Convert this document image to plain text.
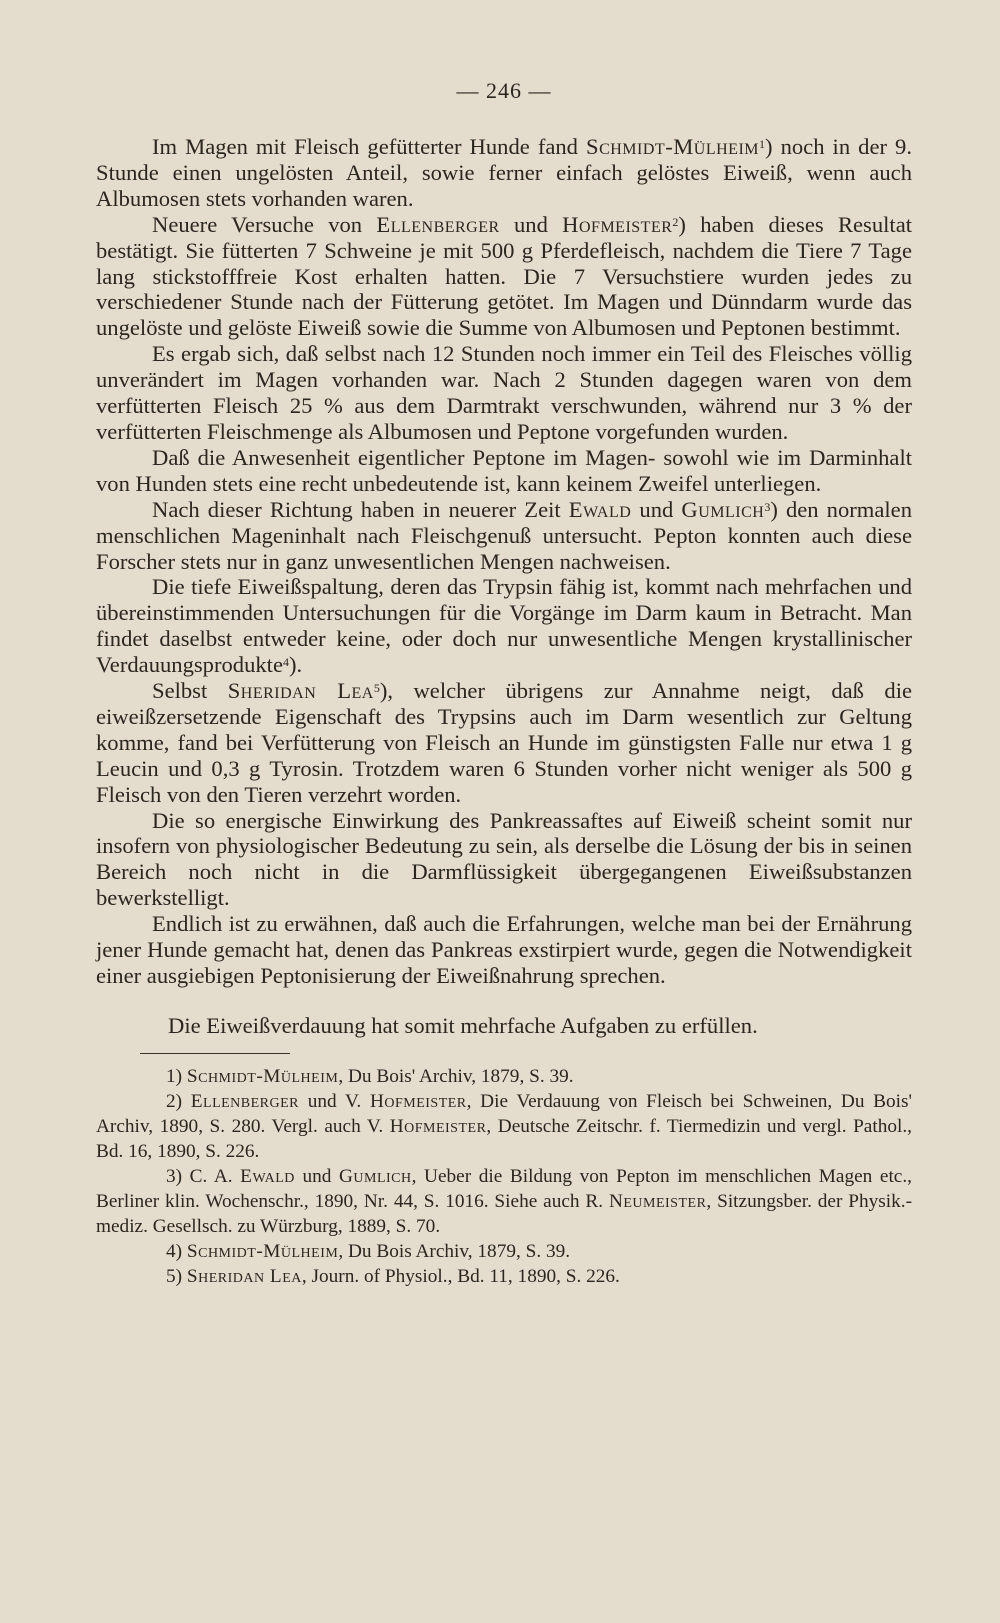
— 246 —

Im Magen mit Fleisch gefütterter Hunde fand Schmidt-Mülheim$^1$) noch in der 9. Stunde einen ungelösten Anteil, sowie ferner einfach gelöstes Eiweiß, wenn auch Albumosen stets vorhanden waren.

Neuere Versuche von Ellenberger und Hofmeister$^2$) haben dieses Resultat bestätigt. Sie fütterten 7 Schweine je mit 500 g Pferdefleisch, nachdem die Tiere 7 Tage lang stickstofffreie Kost erhalten hatten. Die 7 Versuchstiere wurden jedes zu verschiedener Stunde nach der Fütterung getötet. Im Magen und Dünndarm wurde das ungelöste und gelöste Eiweiß sowie die Summe von Albumosen und Peptonen bestimmt.

Es ergab sich, daß selbst nach 12 Stunden noch immer ein Teil des Fleisches völlig unverändert im Magen vorhanden war. Nach 2 Stunden dagegen waren von dem verfütterten Fleisch 25 % aus dem Darmtrakt verschwunden, während nur 3 % der verfütterten Fleischmenge als Albumosen und Peptone vorgefunden wurden.

Daß die Anwesenheit eigentlicher Peptone im Magen- sowohl wie im Darminhalt von Hunden stets eine recht unbedeutende ist, kann keinem Zweifel unterliegen.

Nach dieser Richtung haben in neuerer Zeit Ewald und Gumlich$^3$) den normalen menschlichen Mageninhalt nach Fleischgenuß untersucht. Pepton konnten auch diese Forscher stets nur in ganz unwesentlichen Mengen nachweisen.

Die tiefe Eiweißspaltung, deren das Trypsin fähig ist, kommt nach mehrfachen und übereinstimmenden Untersuchungen für die Vorgänge im Darm kaum in Betracht. Man findet daselbst entweder keine, oder doch nur unwesentliche Mengen krystallinischer Verdauungsprodukte$^4$).

Selbst Sheridan Lea$^5$), welcher übrigens zur Annahme neigt, daß die eiweißzersetzende Eigenschaft des Trypsins auch im Darm wesentlich zur Geltung komme, fand bei Verfütterung von Fleisch an Hunde im günstigsten Falle nur etwa 1 g Leucin und 0,3 g Tyrosin. Trotzdem waren 6 Stunden vorher nicht weniger als 500 g Fleisch von den Tieren verzehrt worden.

Die so energische Einwirkung des Pankreassaftes auf Eiweiß scheint somit nur insofern von physiologischer Bedeutung zu sein, als derselbe die Lösung der bis in seinen Bereich noch nicht in die Darmflüssigkeit übergegangenen Eiweißsubstanzen bewerkstelligt.

Endlich ist zu erwähnen, daß auch die Erfahrungen, welche man bei der Ernährung jener Hunde gemacht hat, denen das Pankreas exstirpiert wurde, gegen die Notwendigkeit einer ausgiebigen Peptonisierung der Eiweißnahrung sprechen.

Die Eiweißverdauung hat somit mehrfache Aufgaben zu erfüllen.

1) Schmidt-Mülheim, Du Bois' Archiv, 1879, S. 39.

2) Ellenberger und V. Hofmeister, Die Verdauung von Fleisch bei Schweinen, Du Bois' Archiv, 1890, S. 280. Vergl. auch V. Hofmeister, Deutsche Zeitschr. f. Tiermedizin und vergl. Pathol., Bd. 16, 1890, S. 226.

3) C. A. Ewald und Gumlich, Ueber die Bildung von Pepton im menschlichen Magen etc., Berliner klin. Wochenschr., 1890, Nr. 44, S. 1016. Siehe auch R. Neumeister, Sitzungsber. der Physik.-mediz. Gesellsch. zu Würzburg, 1889, S. 70.

4) Schmidt-Mülheim, Du Bois Archiv, 1879, S. 39.

5) Sheridan Lea, Journ. of Physiol., Bd. 11, 1890, S. 226.
